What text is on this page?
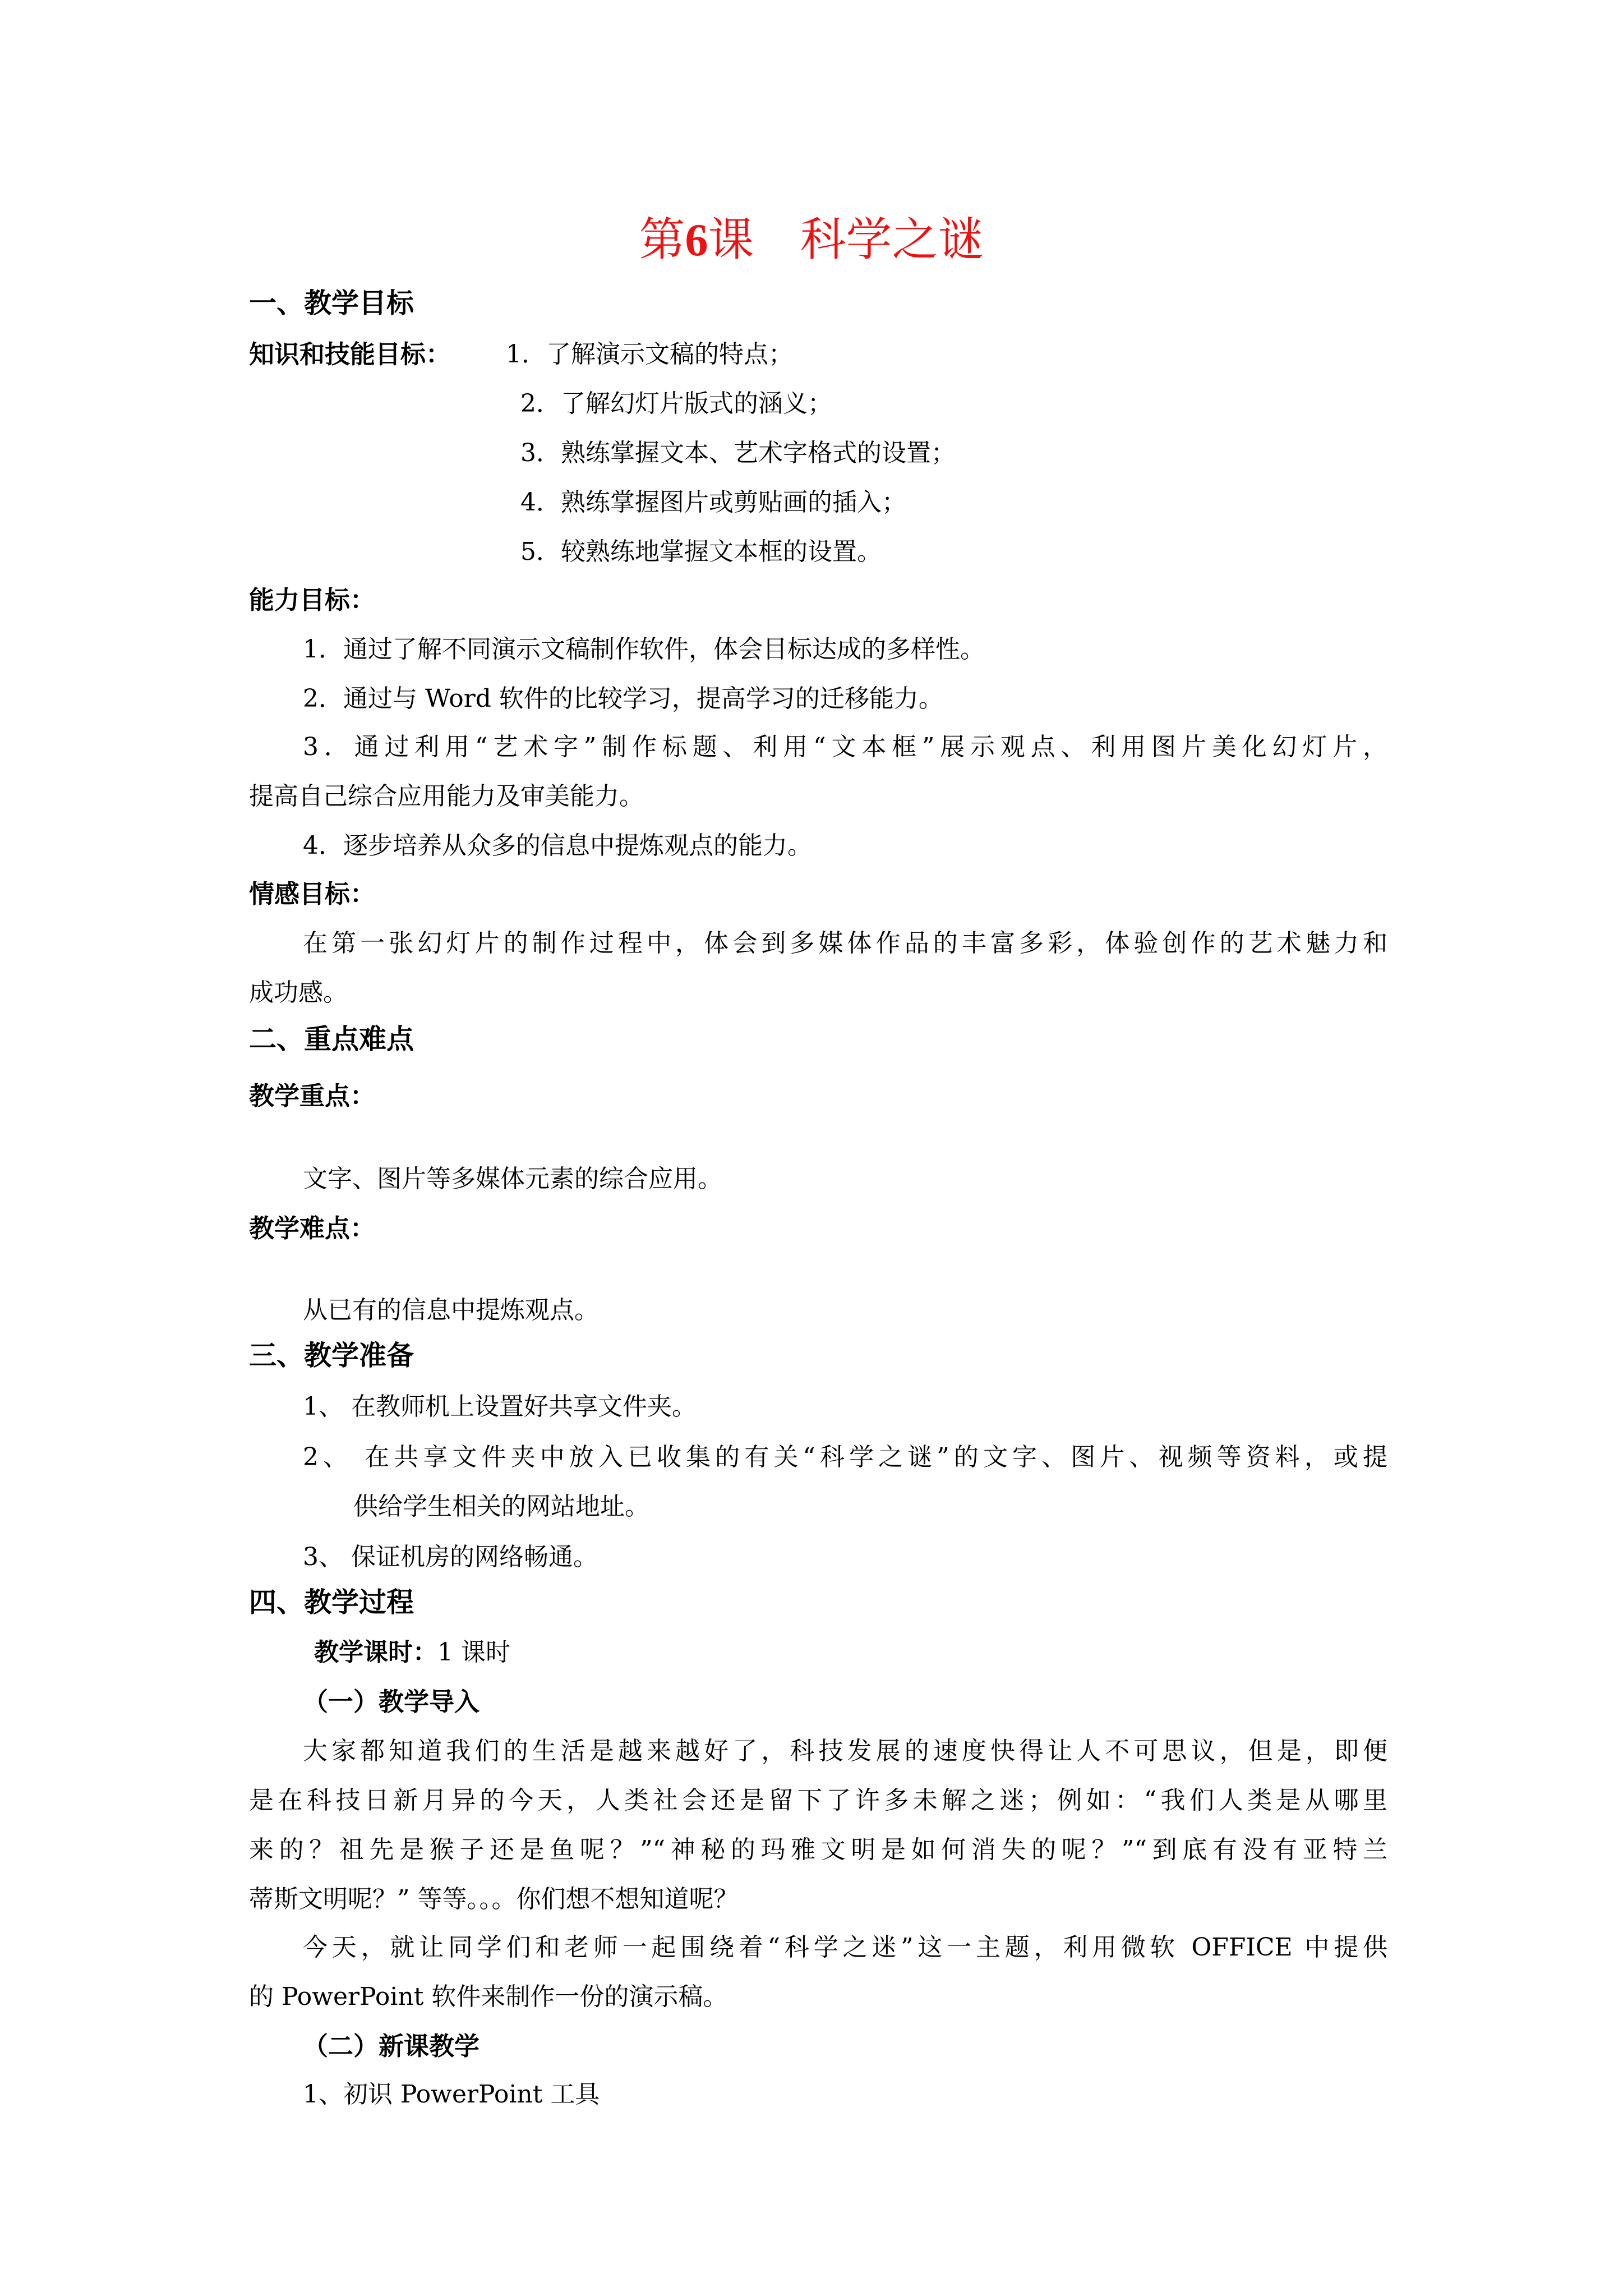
第6课　科学之谜
一、教学目标
知识和技能目标： 1．了解演示文稿的特点；
2．了解幻灯片版式的涵义；
3．熟练掌握文本、艺术字格式的设置；
4．熟练掌握图片或剪贴画的插入；
5．较熟练地掌握文本框的设置。
能力目标：
1．通过了解不同演示文稿制作软件，体会目标达成的多样性。
2．通过与 Word 软件的比较学习，提高学习的迁移能力。
3．通过利用“艺术字”制作标题、利用“文本框”展示观点、利用图片美化幻灯片，
提高自己综合应用能力及审美能力。
4．逐步培养从众多的信息中提炼观点的能力。
情感目标：
在第一张幻灯片的制作过程中，体会到多媒体作品的丰富多彩，体验创作的艺术魅力和
成功感。
二、重点难点
教学重点：
文字、图片等多媒体元素的综合应用。
教学难点：
从已有的信息中提炼观点。
三、教学准备
1、 在教师机上设置好共享文件夹。
2、 在共享文件夹中放入已收集的有关“科学之谜”的文字、图片、视频等资料，或提
供给学生相关的网站地址。
3、 保证机房的网络畅通。
四、教学过程
教学课时：1 课时
（一）教学导入
大家都知道我们的生活是越来越好了，科技发展的速度快得让人不可思议，但是，即便
是在科技日新月异的今天，人类社会还是留下了许多未解之迷；例如：“我们人类是从哪里
来的？祖先是猴子还是鱼呢？”“神秘的玛雅文明是如何消失的呢？”“到底有没有亚特兰
蒂斯文明呢？” 等等。。。你们想不想知道呢？
今天，就让同学们和老师一起围绕着“科学之迷”这一主题，利用微软 OFFICE 中提供
的 PowerPoint 软件来制作一份的演示稿。
（二）新课教学
1、初识 PowerPoint 工具
